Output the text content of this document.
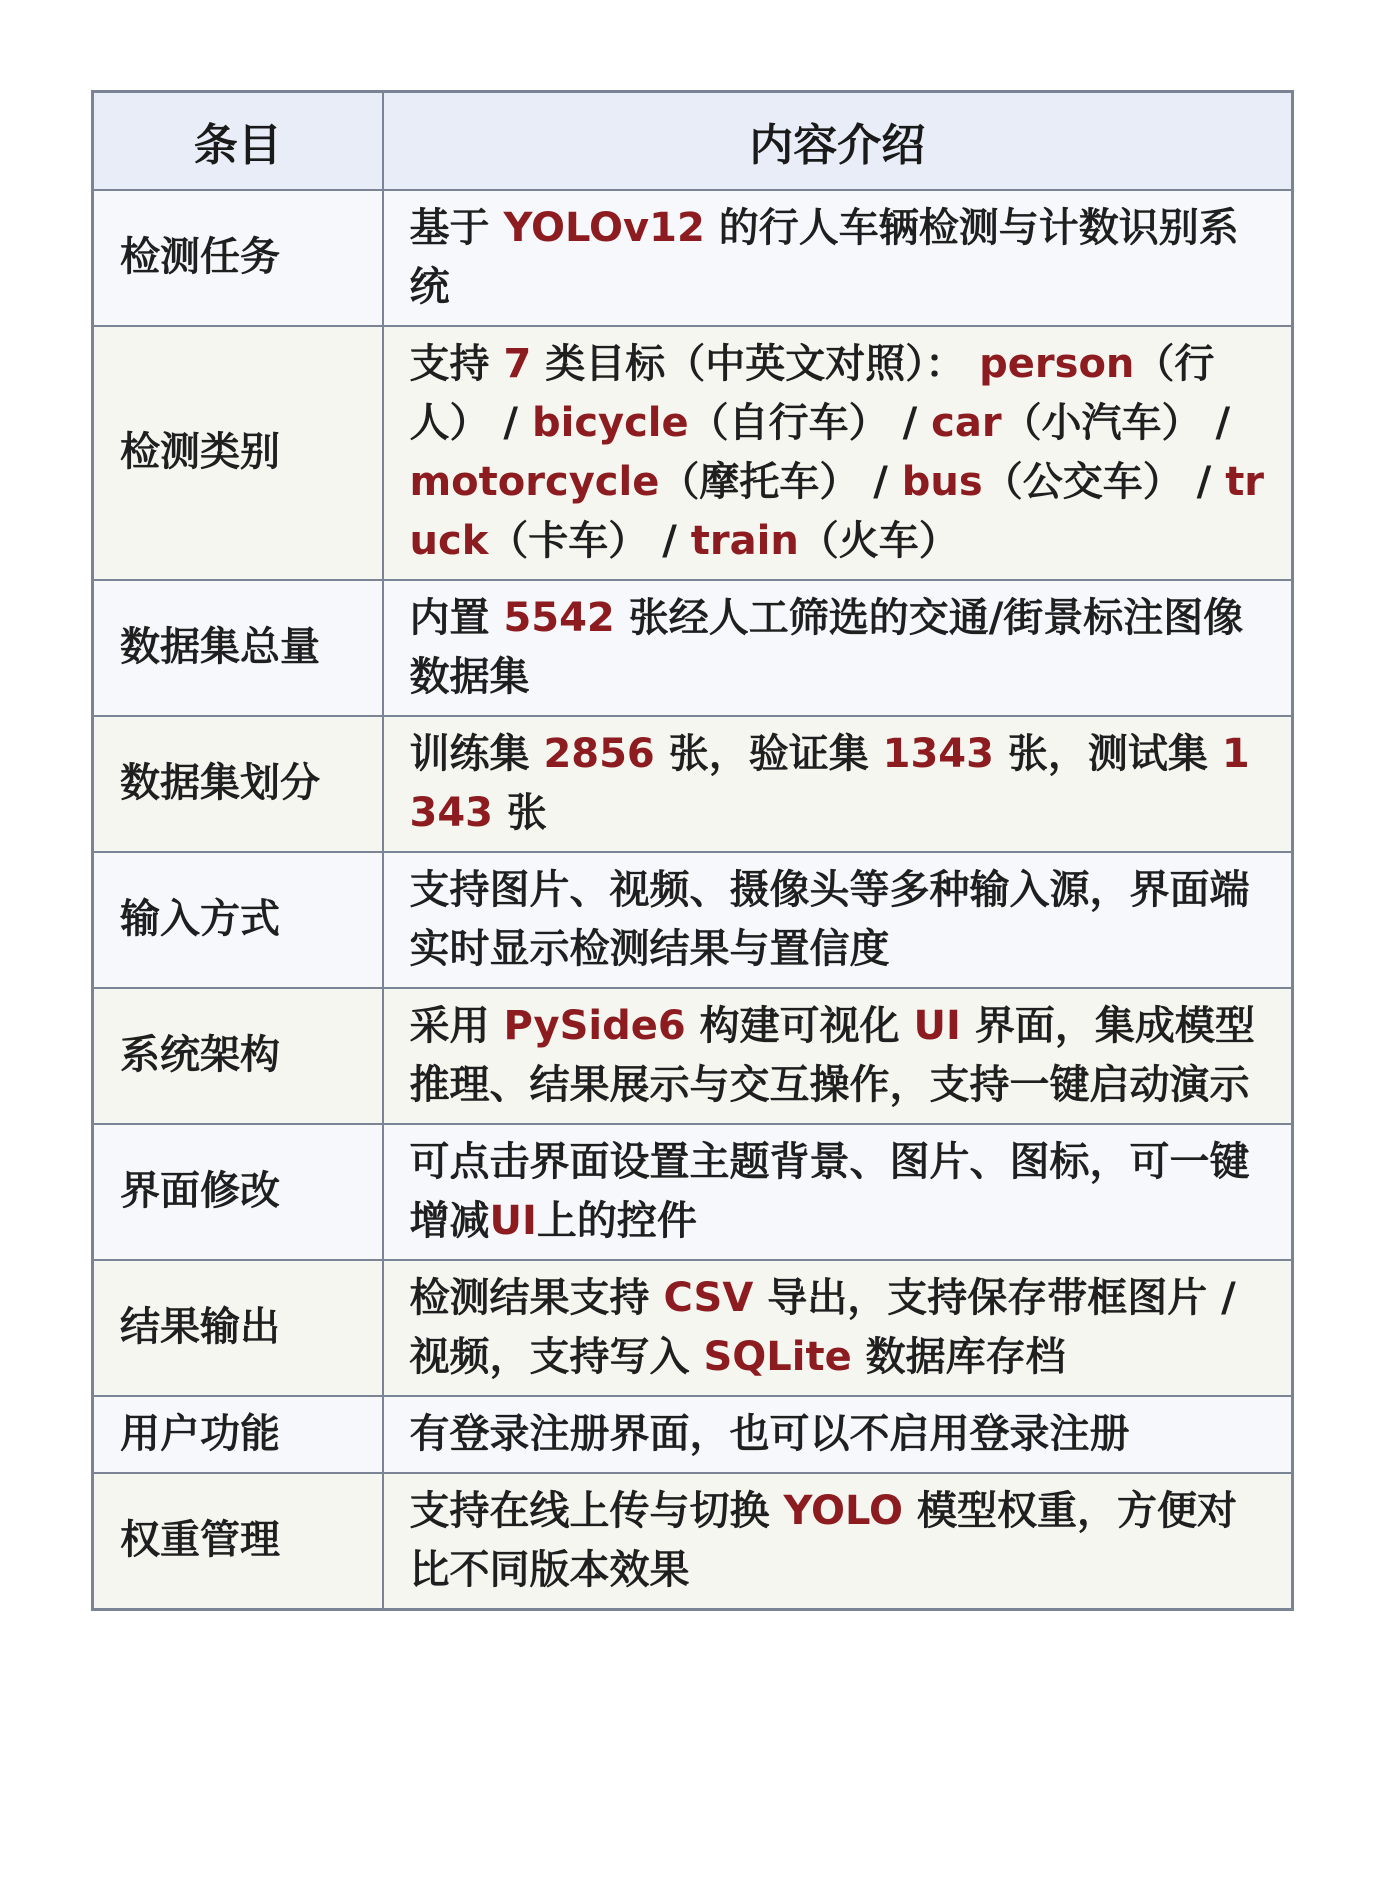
条目	内容介绍
检测任务	基于 YOLOv12 的行人车辆检测与计数识别系统
检测类别	支持 7 类目标（中英文对照）： person（行人） / bicycle（自行车） / car（小汽车） / motorcycle（摩托车） / bus（公交车） / truck（卡车） / train（火车）
数据集总量	内置 5542 张经人工筛选的交通/街景标注图像数据集
数据集划分	训练集 2856 张，验证集 1343 张，测试集 1343 张
输入方式	支持图片、视频、摄像头等多种输入源，界面端实时显示检测结果与置信度
系统架构	采用 PySide6 构建可视化 UI 界面，集成模型推理、结果展示与交互操作，支持一键启动演示
界面修改	可点击界面设置主题背景、图片、图标，可一键增减UI上的控件
结果输出	检测结果支持 CSV 导出，支持保存带框图片 / 视频，支持写入 SQLite 数据库存档
用户功能	有登录注册界面，也可以不启用登录注册
权重管理	支持在线上传与切换 YOLO 模型权重，方便对比不同版本效果
